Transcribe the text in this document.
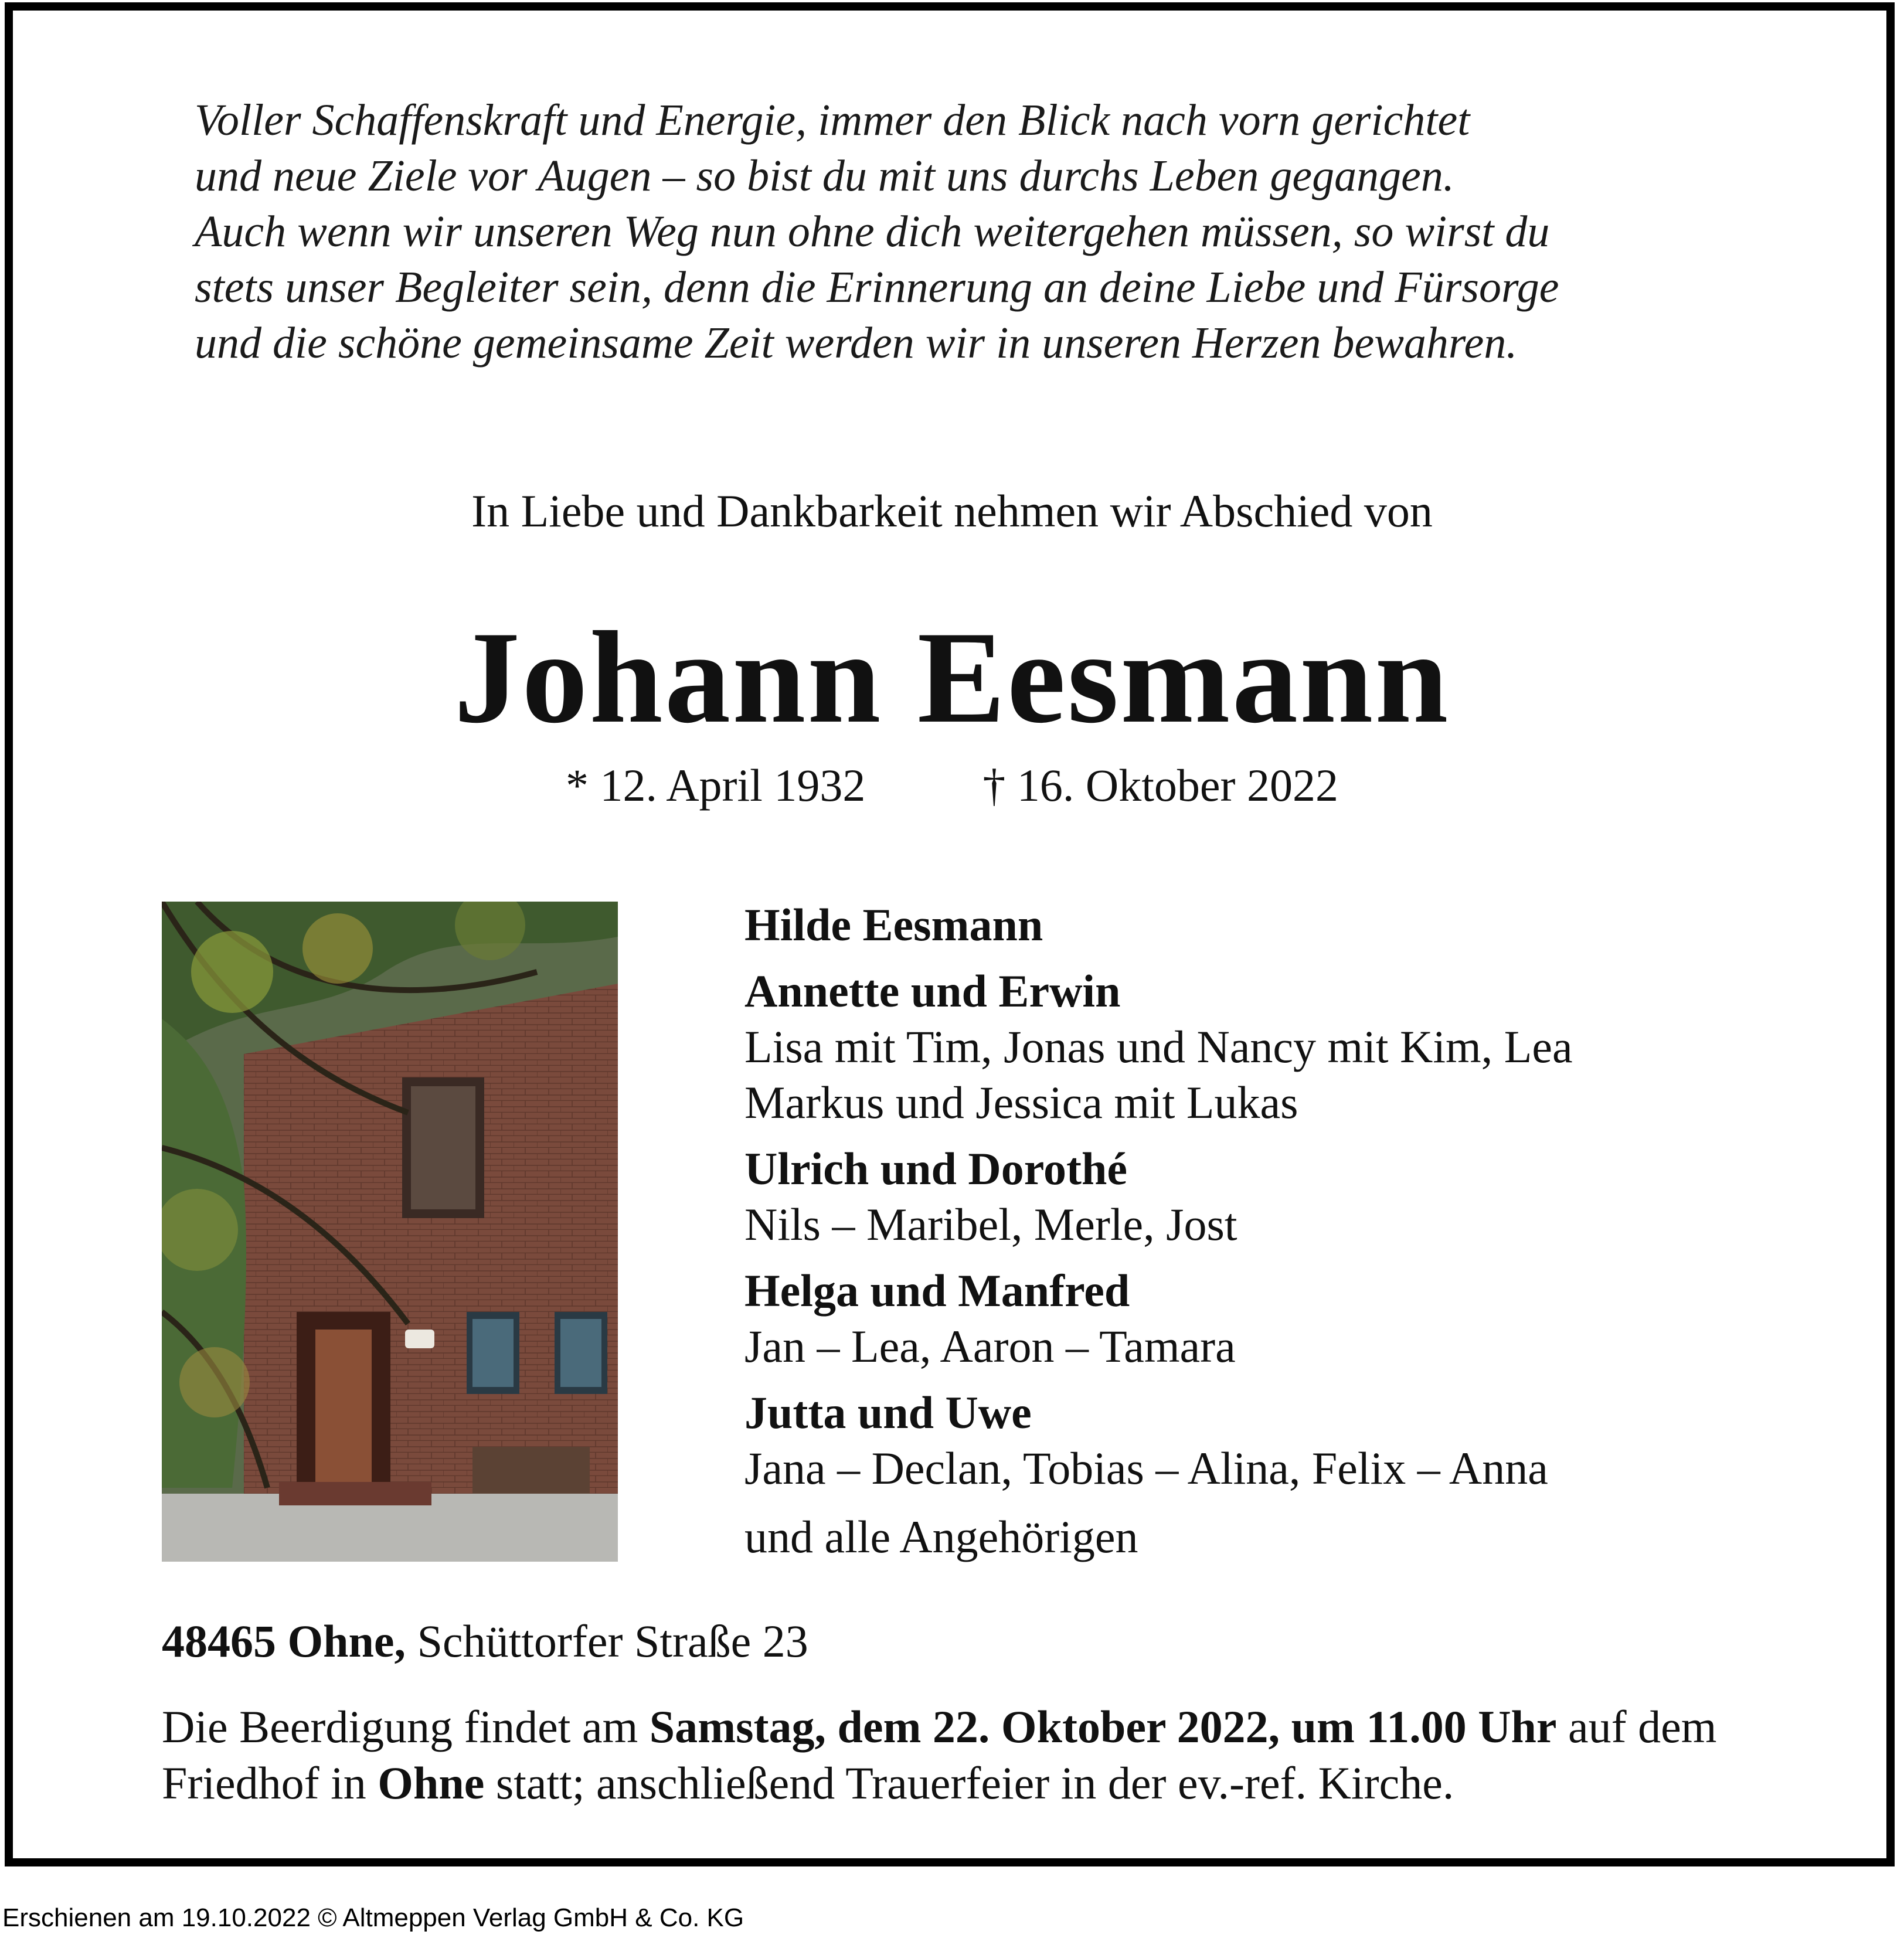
Voller Schaffenskraft und Energie, immer den Blick nach vorn gerichtet
und neue Ziele vor Augen – so bist du mit uns durchs Leben gegangen.
Auch wenn wir unseren Weg nun ohne dich weitergehen müssen, so wirst du
stets unser Begleiter sein, denn die Erinnerung an deine Liebe und Fürsorge
und die schöne gemeinsame Zeit werden wir in unseren Herzen bewahren.
In Liebe und Dankbarkeit nehmen wir Abschied von
Johann Eesmann
* 12. April 1932	† 16. Oktober 2022
Hilde Eesmann
Annette und Erwin
Lisa mit Tim, Jonas und Nancy mit Kim, Lea
Markus und Jessica mit Lukas
Ulrich und Dorothé
Nils – Maribel, Merle, Jost
Helga und Manfred
Jan – Lea, Aaron – Tamara
Jutta und Uwe
Jana – Declan, Tobias – Alina, Felix – Anna
und alle Angehörigen
48465 Ohne, Schüttorfer Straße 23
Die Beerdigung findet am Samstag, dem 22. Oktober 2022, um 11.00 Uhr auf dem
Friedhof in Ohne statt; anschließend Trauerfeier in der ev.-ref. Kirche.
Erschienen am 19.10.2022 © Altmeppen Verlag GmbH & Co. KG
